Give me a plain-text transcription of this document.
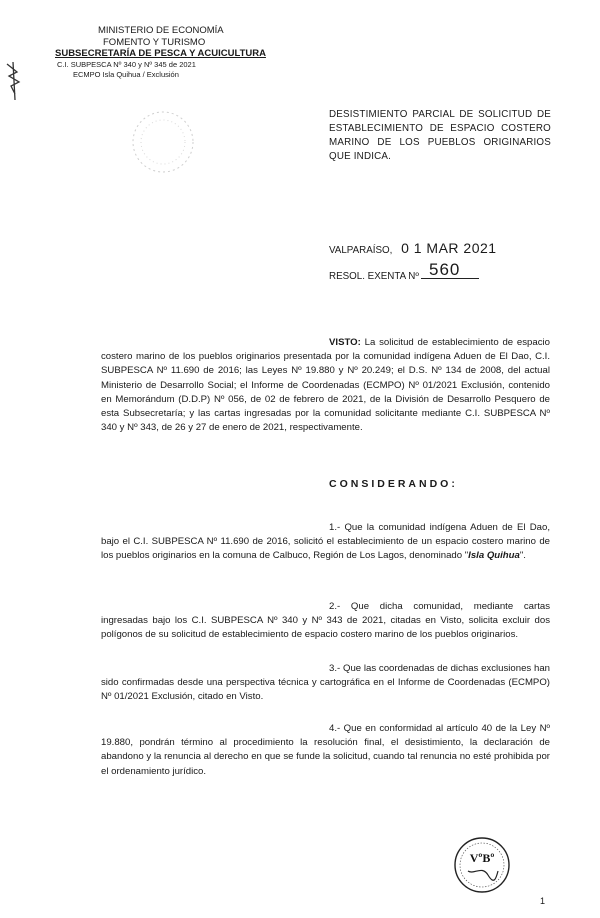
MINISTERIO DE ECONOMÍA
FOMENTO Y TURISMO
SUBSECRETARÍA DE PESCA Y ACUICULTURA
C.I. SUBPESCA Nº 340 y Nº 345 de 2021
ECMPO Isla Quihua / Exclusión
DESISTIMIENTO PARCIAL DE SOLICITUD DE ESTABLECIMIENTO DE ESPACIO COSTERO MARINO DE LOS PUEBLOS ORIGINARIOS QUE INDICA.
VALPARAÍSO, 0 1 MAR 2021
RESOL. EXENTA Nº 560
VISTO: La solicitud de establecimiento de espacio costero marino de los pueblos originarios presentada por la comunidad indígena Aduen de El Dao, C.I. SUBPESCA Nº 11.690 de 2016; las Leyes Nº 19.880 y Nº 20.249; el D.S. Nº 134 de 2008, del actual Ministerio de Desarrollo Social; el Informe de Coordenadas (ECMPO) Nº 01/2021 Exclusión, contenido en Memorándum (D.D.P) Nº 056, de 02 de febrero de 2021, de la División de Desarrollo Pesquero de esta Subsecretaría; y las cartas ingresadas por la comunidad solicitante mediante C.I. SUBPESCA Nº 340 y Nº 343, de 26 y 27 de enero de 2021, respectivamente.
CONSIDERANDO:
1.- Que la comunidad indígena Aduen de El Dao, bajo el C.I. SUBPESCA Nº 11.690 de 2016, solicitó el establecimiento de un espacio costero marino de los pueblos originarios en la comuna de Calbuco, Región de Los Lagos, denominado "Isla Quihua".
2.- Que dicha comunidad, mediante cartas ingresadas bajo los C.I. SUBPESCA Nº 340 y Nº 343 de 2021, citadas en Visto, solicita excluir dos polígonos de su solicitud de establecimiento de espacio costero marino de los pueblos originarios.
3.- Que las coordenadas de dichas exclusiones han sido confirmadas desde una perspectiva técnica y cartográfica en el Informe de Coordenadas (ECMPO) Nº 01/2021 Exclusión, citado en Visto.
4.- Que en conformidad al artículo 40 de la Ley Nº 19.880, pondrán término al procedimiento la resolución final, el desistimiento, la declaración de abandono y la renuncia al derecho en que se funde la solicitud, cuando tal renuncia no esté prohibida por el ordenamiento jurídico.
VºBº
1
